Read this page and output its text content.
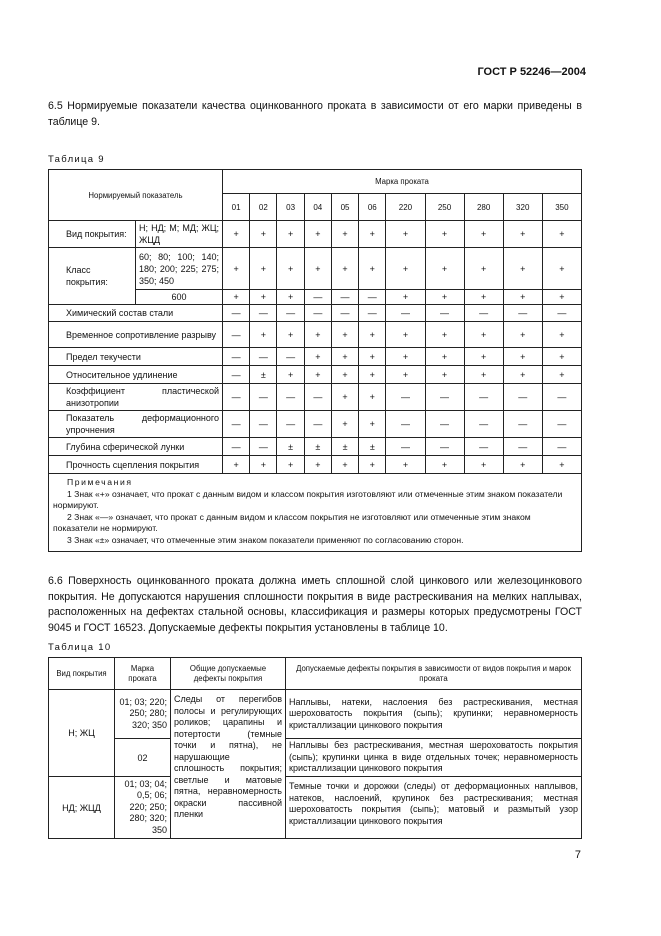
ГОСТ Р 52246—2004
6.5 Нормируемые показатели качества оцинкованного проката в зависимости от его марки приведены в таблице 9.
Таблица 9
Нормируемый показатель		Марка проката										
		01	02	03	04	05	06	220	250	280	320	350
Вид покрытия:	Н; НД; М; МД; ЖЦ; ЖЦД	+	+	+	+	+	+	+	+	+	+	+
Класс покрытия:	60; 80; 100; 140; 180; 200; 225; 275; 350; 450	+	+	+	+	+	+	+	+	+	+	+
	600	+	+	+	—	—	—	+	+	+	+	+
Химический состав стали		—	—	—	—	—	—	—	—	—	—	—
Временное сопротивление разрыву		—	+	+	+	+	+	+	+	+	+	+
Предел текучести		—	—	—	+	+	+	+	+	+	+	+
Относительное удлинение		—	±	+	+	+	+	+	+	+	+	+
Коэффициент пластической анизотропии		—	—	—	—	+	+	—	—	—	—	—
Показатель деформационного упрочнения		—	—	—	—	+	+	—	—	—	—	—
Глубина сферической лунки		—	—	±	±	±	±	—	—	—	—	—
Прочность сцепления покрытия		+	+	+	+	+	+	+	+	+	+	+

Примечания
1 Знак «+» означает, что прокат с данным видом и классом покрытия изготовляют или отмеченные этим знаком показатели нормируют.
2 Знак «—» означает, что прокат с данным видом и классом покрытия не изготовляют или отмеченные этим знаком показатели не нормируют.
3 Знак «±» означает, что отмеченные этим знаком показатели применяют по согласованию сторон.												
6.6 Поверхность оцинкованного проката должна иметь сплошной слой цинкового или железоцинкового покрытия. Не допускаются нарушения сплошности покрытия в виде растрескивания на мелких наплывах, расположенных на дефектах стальной основы, классификация и размеры которых предусмотрены ГОСТ 9045 и ГОСТ 16523. Допускаемые дефекты покрытия установлены в таблице 10.
Таблица 10
Вид покрытия	Марка проката	Общие допускаемые дефекты покрытия	Допускаемые дефекты покрытия в зависимости от видов покрытия и марок проката
Н; ЖЦ	01; 03; 220; 250; 280; 320; 350	Следы от перегибов полосы и регулирующих роликов; царапины и потертости (темные точки и пятна), не нарушающие сплошность покрытия; светлые и матовые пятна, неравномерность окраски пассивной пленки	Наплывы, натеки, наслоения без растрескивания, местная шероховатость покрытия (сыпь); крупинки; неравномерность кристаллизации цинкового покрытия
	02		Наплывы без растрескивания, местная шероховатость покрытия (сыпь); крупинки цинка в виде отдельных точек; неравномерность кристаллизации цинкового покрытия
НД; ЖЦД	01; 03; 04; 0,5; 06; 220; 250; 280; 320; 350		Темные точки и дорожки (следы) от деформационных наплывов, натеков, наслоений, крупинок без растрескивания; местная шероховатость покрытия (сыпь); матовый и размытый узор кристаллизации цинкового покрытия
7
